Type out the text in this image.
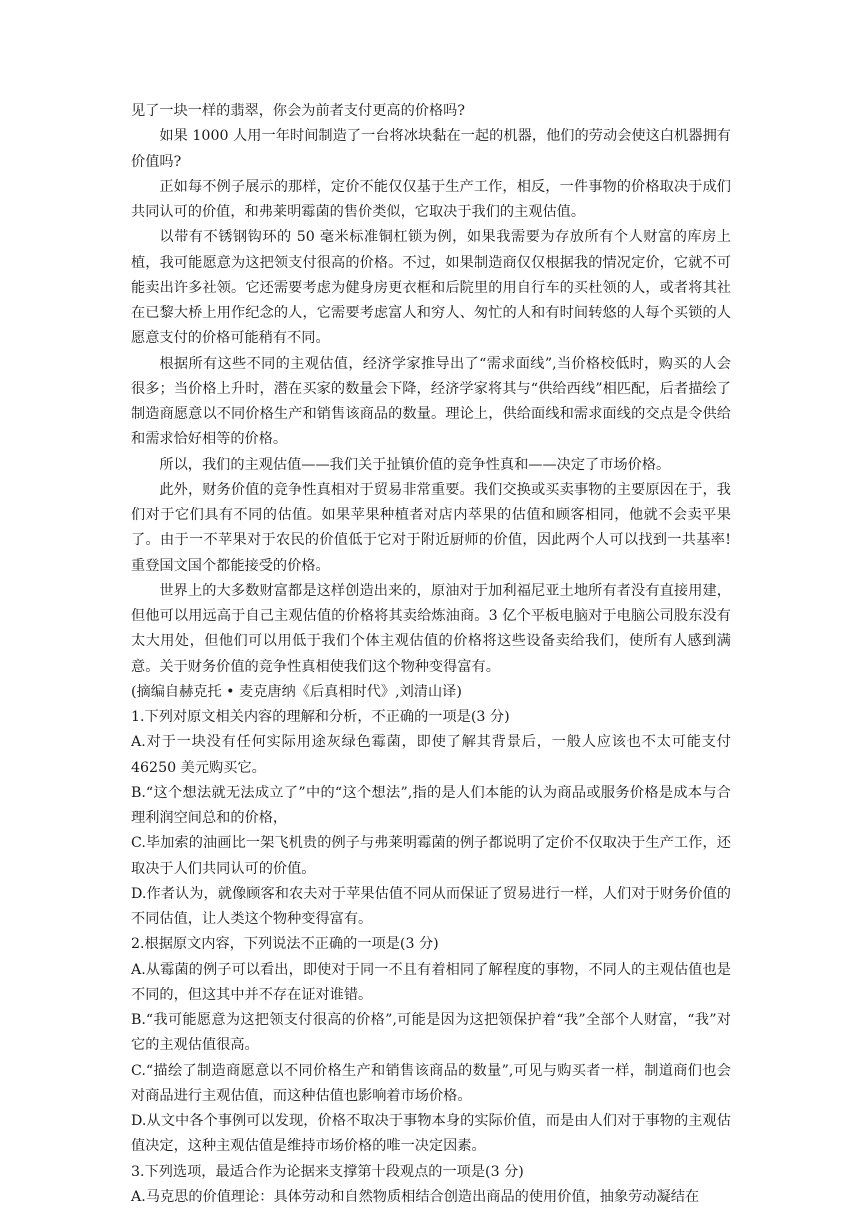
见了一块一样的翡翠，你会为前者支付更高的价格吗?

如果 1000 人用一年时间制造了一台将冰块黏在一起的机器，他们的劳动会使这白机器拥有价值吗?

正如每不例子展示的那样，定价不能仅仅基于生产工作，相反，一件事物的价格取决于成们共同认可的价值，和弗莱明霉菌的售价类似，它取决于我们的主观估值。

以带有不锈钢钩环的 50 毫米标准铜杠锁为例，如果我需要为存放所有个人财富的库房上植，我可能愿意为这把领支付很高的价格。不过，如果制造商仅仅根据我的情况定价，它就不可能卖出许多社领。它还需要考虑为健身房更衣框和后院里的用自行车的买杜领的人，或者将其社在已黎大桥上用作纪念的人，它需要考虑富人和穷人、匆忙的人和有时间转悠的人每个买锁的人愿意支付的价格可能稍有不同。

根据所有这些不同的主观估值，经济学家推导出了“需求面线”,当价格校低时，购买的人会很多；当价格上升时，潜在买家的数量会下降，经济学家将其与“供给西线”相匹配，后者描绘了制造商愿意以不同价格生产和销售该商品的数量。理论上，供给面线和需求面线的交点是令供给和需求恰好相等的价格。

所以，我们的主观估值——我们关于扯镇价值的竞争性真和——决定了市场价格。

此外，财务价值的竞争性真相对于贸易非常重要。我们交换或买卖事物的主要原因在于，我们对于它们具有不同的估值。如果苹果种植者对店内萃果的估值和顾客相同，他就不会卖平果了。由于一不苹果对于农民的价值低于它对于附近厨师的价值，因此两个人可以找到一共基率!重登国文国个都能接受的价格。

世界上的大多数财富都是这样创造出来的，原油对于加利福尼亚土地所有者没有直接用建，但他可以用远高于自己主观估值的价格将其卖给炼油商。3 亿个平板电脑对于电脑公司股东没有太大用处，但他们可以用低于我们个体主观估值的价格将这些设备卖给我们，使所有人感到满意。关于财务价值的竞争性真相使我们这个物种变得富有。

(摘编自赫克托 • 麦克唐纳《后真相时代》,刘清山译)

1.下列对原文相关内容的理解和分析，不正确的一项是(3 分)

A.对于一块没有任何实际用途灰绿色霉菌，即使了解其背景后，一般人应该也不太可能支付 46250 美元购买它。

B.“这个想法就无法成立了”中的“这个想法”,指的是人们本能的认为商品或服务价格是成本与合理利润空间总和的价格，

C.毕加索的油画比一架飞机贵的例子与弗莱明霉菌的例子都说明了定价不仅取决于生产工作，还取决于人们共同认可的价值。

D.作者认为，就像顾客和农夫对于苹果估值不同从而保证了贸易进行一样，人们对于财务价值的不同估值，让人类这个物种变得富有。

2.根据原文内容，下列说法不正确的一项是(3 分)

A.从霉菌的例子可以看出，即使对于同一不且有着相同了解程度的事物，不同人的主观估值也是不同的，但这其中并不存在证对谁错。

B.“我可能愿意为这把领支付很高的价格”,可能是因为这把领保护着“我”全部个人财富，“我”对它的主观估值很高。

C.“描绘了制造商愿意以不同价格生产和销售该商品的数量”,可见与购买者一样，制道商们也会对商品进行主观估值，而这种估值也影响着市场价格。

D.从文中各个事例可以发现，价格不取决于事物本身的实际价值，而是由人们对于事物的主观估值决定，这种主观估值是维持市场价格的唯一决定因素。

3.下列选项，最适合作为论据来支撑第十段观点的一项是(3 分)

A.马克思的价值理论：具体劳动和自然物质相结合创造出商品的使用价值，抽象劳动凝结在
